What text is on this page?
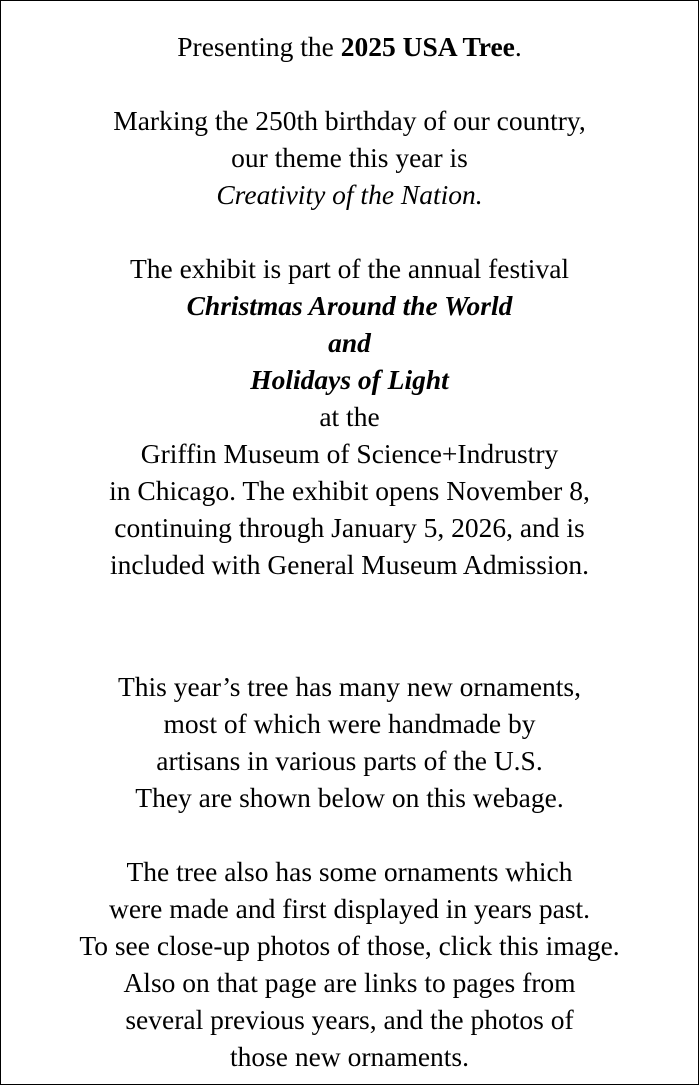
Presenting the 2025 USA Tree.
Marking the 250th birthday of our country,
our theme this year is
Creativity of the Nation.
The exhibit is part of the annual festival
Christmas Around the World
and
Holidays of Light
at the
Griffin Museum of Science+Indrustry
in Chicago. The exhibit opens November 8,
continuing through January 5, 2026, and is
included with General Museum Admission.
This year’s tree has many new ornaments,
most of which were handmade by
artisans in various parts of the U.S.
They are shown below on this webage.
The tree also has some ornaments which
were made and first displayed in years past.
To see close-up photos of those, click this image.
Also on that page are links to pages from
several previous years, and the photos of
those new ornaments.
